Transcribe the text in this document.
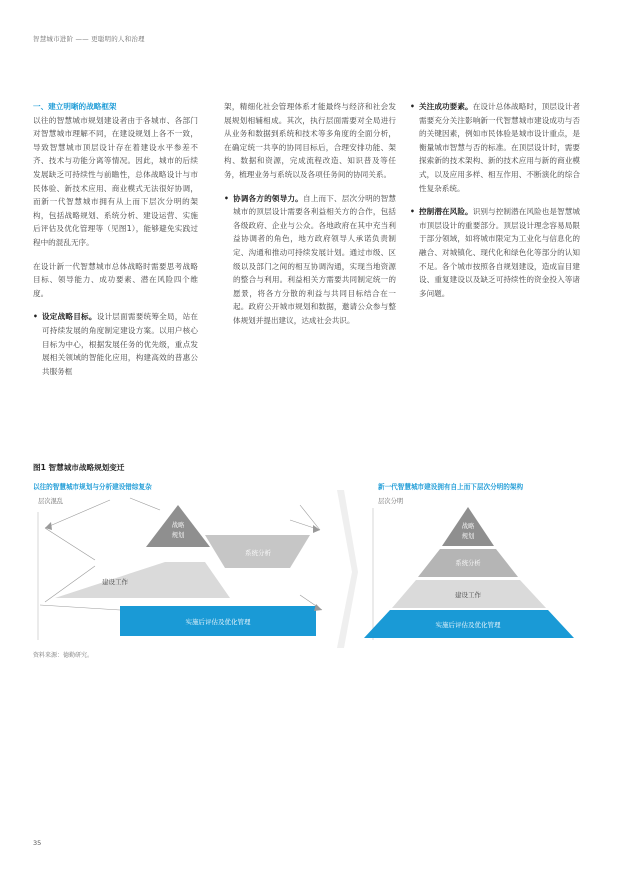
智慧城市进阶 —— 更聪明的人和治理
一、建立明晰的战略框架

以往的智慧城市规划建设者由于各城市、各部门对智慧城市理解不同，在建设规划上各不一致，导致智慧城市顶层设计存在着建设水平参差不齐、技术与功能分离等情况。因此，城市的后续发展缺乏可持续性与前瞻性，总体战略设计与市民体验、新技术应用、商业模式无法很好协调，而新一代智慧城市拥有从上而下层次分明的架构，包括战略规划、系统分析、建设运营、实施后评估及优化管理等（见图1），能够避免实践过程中的混乱无序。

在设计新一代智慧城市总体战略时需要思考战略目标、领导能力、成功要素、潜在风险四个维度。

• 设定战略目标。设计层面需要统筹全局，站在可持续发展的角度制定建设方案。以用户核心目标为中心，根据发展任务的优先级，重点发展相关领域的智能化应用，构建高效的普惠公共服务框

架，精细化社会管理体系才能最终与经济和社会发展规划相辅相成。其次，执行层面需要对全局进行从业务和数据到系统和技术等多角度的全面分析，在确定统一共享的协同目标后，合理安排功能、架构、数据和资源，完成流程改造、知识普及等任务，梳理业务与系统以及各项任务间的协同关系。

• 协调各方的领导力。自上而下、层次分明的智慧城市的顶层设计需要各利益相关方的合作，包括各级政府、企业与公众。各地政府在其中充当利益协调者的角色，地方政府领导人承诺负责制定、沟通和推动可持续发展计划。通过市级、区级以及部门之间的相互协调沟通，实现当地资源的整合与利用。利益相关方需要共同制定统一的愿景，将各方分散的利益与共同目标结合在一起。政府公开城市规划和数据，邀请公众参与整体规划并提出建议，达成社会共识。
• 关注成功要素。在设计总体战略时，顶层设计者需要充分关注影响新一代智慧城市建设成功与否的关键因素，例如市民体验是城市设计重点，是衡量城市智慧与否的标准。在顶层设计时，需要探索新的技术架构、新的技术应用与新的商业模式，以及应用多样、相互作用、不断演化的综合性复杂系统。
• 控制潜在风险。识别与控制潜在风险也是智慧城市顶层设计的重要部分。顶层设计理念容易局限于部分领域，如将城市限定为工业化与信息化的融合、对城镇化、现代化和绿色化等部分的认知不足。各个城市按照各自规划建设，造成盲目建设、重复建设以及缺乏可持续性的资金投入等诸多问题。
图1 智慧城市战略规划变迁
以往的智慧城市规划与分析建设错综复杂
层次混乱
新一代智慧城市建设拥有自上而下层次分明的架构
层次分明
建设工作
系统分析
战略
规划
实施后评估及优化管理
战略
规划
系统分析
建设工作
实施后评估及优化管理
资料来源：德勤研究。
35
